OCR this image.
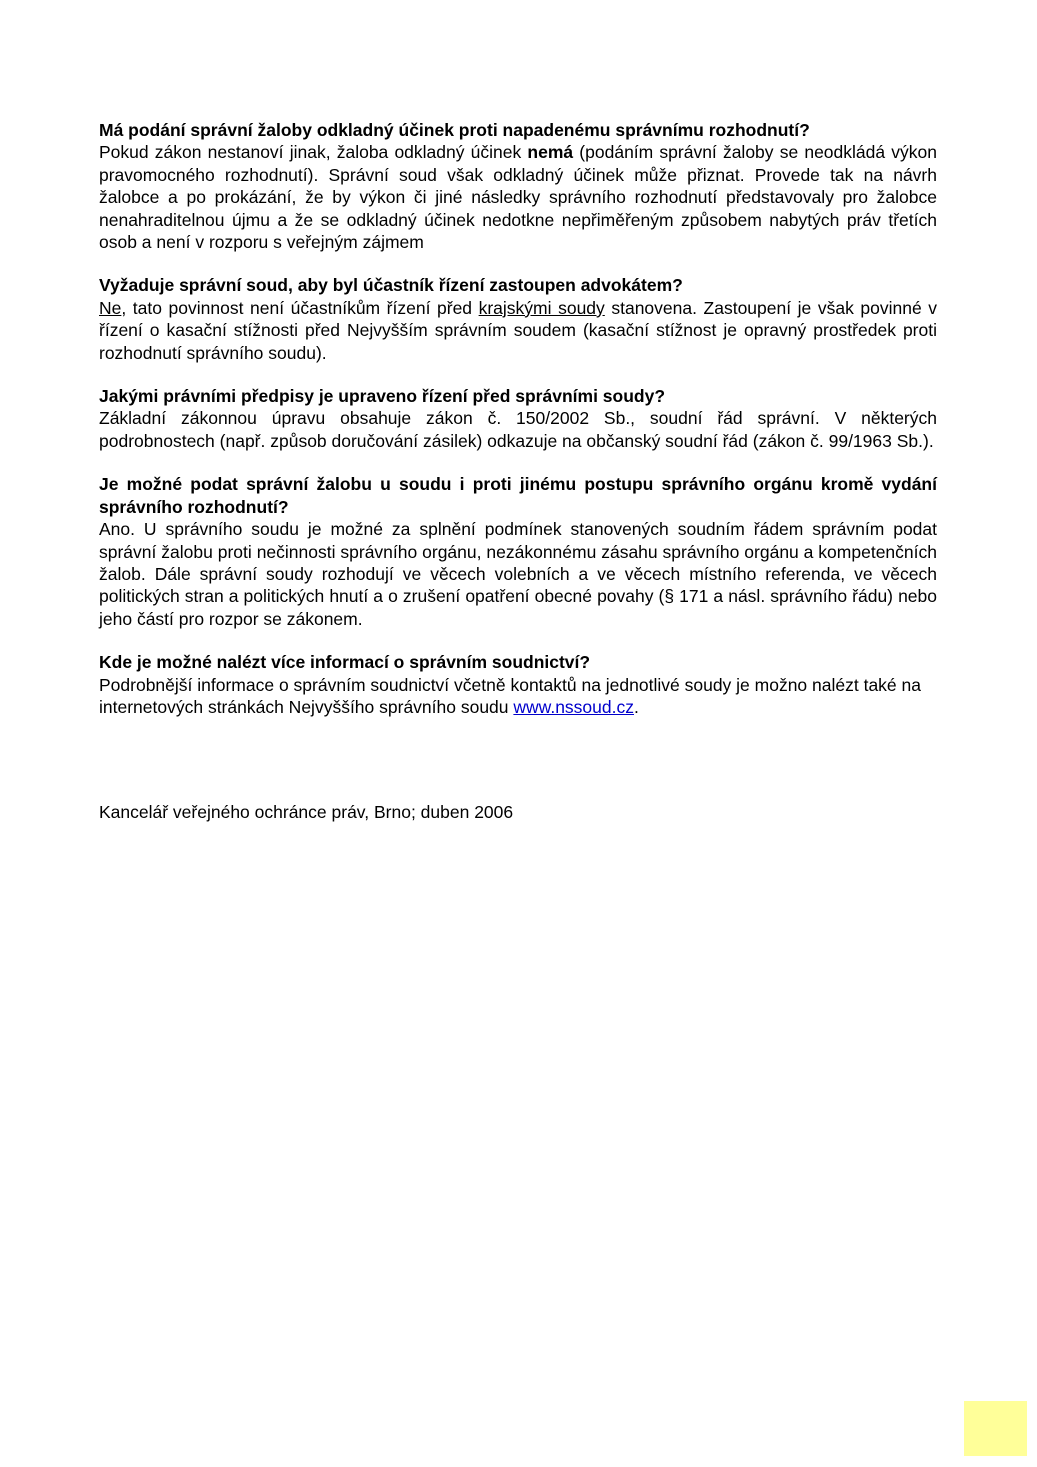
Má podání správní žaloby odkladný účinek proti napadenému správnímu rozhodnutí?

Pokud zákon nestanoví jinak, žaloba odkladný účinek nemá (podáním správní žaloby se neodkládá výkon pravomocného rozhodnutí). Správní soud však odkladný účinek může přiznat. Provede tak na návrh žalobce a po prokázání, že by výkon či jiné následky správního rozhodnutí představovaly pro žalobce nenahraditelnou újmu a že se odkladný účinek nedotkne nepřiměřeným způsobem nabytých práv třetích osob a není v rozporu s veřejným zájmem

Vyžaduje správní soud, aby byl účastník řízení zastoupen advokátem?

Ne, tato povinnost není účastníkům řízení před krajskými soudy stanovena. Zastoupení je však povinné v řízení o kasační stížnosti před Nejvyšším správním soudem (kasační stížnost je opravný prostředek proti rozhodnutí správního soudu).

Jakými právními předpisy je upraveno řízení před správními soudy?

Základní zákonnou úpravu obsahuje zákon č. 150/2002 Sb., soudní řád správní. V některých podrobnostech (např. způsob doručování zásilek) odkazuje na občanský soudní řád (zákon č. 99/1963 Sb.).

Je možné podat správní žalobu u soudu i proti jinému postupu správního orgánu kromě vydání správního rozhodnutí?

Ano. U správního soudu je možné za splnění podmínek stanovených soudním řádem správním podat správní žalobu proti nečinnosti správního orgánu, nezákonnému zásahu správního orgánu a kompetenčních žalob. Dále správní soudy rozhodují ve věcech volebních a ve věcech místního referenda, ve věcech politických stran a politických hnutí a o zrušení opatření obecné povahy (§ 171 a násl. správního řádu) nebo jeho částí pro rozpor se zákonem.

Kde je možné nalézt více informací o správním soudnictví?

Podrobnější informace o správním soudnictví včetně kontaktů na jednotlivé soudy je možno nalézt také na internetových stránkách Nejvyššího správního soudu www.nssoud.cz.

Kancelář veřejného ochránce práv, Brno; duben 2006
